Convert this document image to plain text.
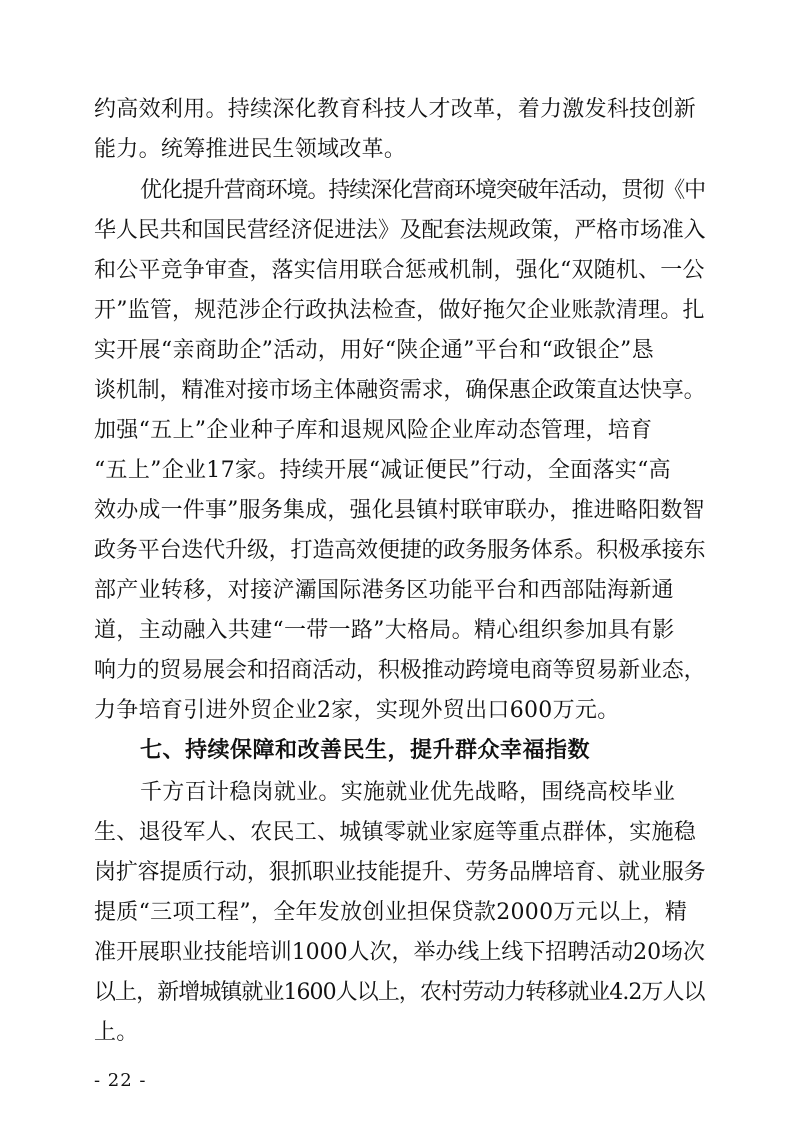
约高效利用。持续深化教育科技人才改革，着力激发科技创新
能力。统筹推进民生领域改革。
优化提升营商环境。持续深化营商环境突破年活动，贯彻《中
华人民共和国民营经济促进法》及配套法规政策，严格市场准入
和公平竞争审查，落实信用联合惩戒机制，强化“双随机、一公
开”监管，规范涉企行政执法检查，做好拖欠企业账款清理。扎
实开展“亲商助企”活动，用好“陕企通”平台和“政银企”恳
谈机制，精准对接市场主体融资需求，确保惠企政策直达快享。
加强“五上”企业种子库和退规风险企业库动态管理，培育
“五上”企业17家。持续开展“减证便民”行动，全面落实“高
效办成一件事”服务集成，强化县镇村联审联办，推进略阳数智
政务平台迭代升级，打造高效便捷的政务服务体系。积极承接东
部产业转移，对接浐灞国际港务区功能平台和西部陆海新通
道，主动融入共建“一带一路”大格局。精心组织参加具有影
响力的贸易展会和招商活动，积极推动跨境电商等贸易新业态，
力争培育引进外贸企业2家，实现外贸出口600万元。
七、持续保障和改善民生，提升群众幸福指数
千方百计稳岗就业。实施就业优先战略，围绕高校毕业
生、退役军人、农民工、城镇零就业家庭等重点群体，实施稳
岗扩容提质行动，狠抓职业技能提升、劳务品牌培育、就业服务
提质“三项工程”，全年发放创业担保贷款2000万元以上，精
准开展职业技能培训1000人次，举办线上线下招聘活动20场次
以上，新增城镇就业1600人以上，农村劳动力转移就业4.2万人以
上。
- 22 -
